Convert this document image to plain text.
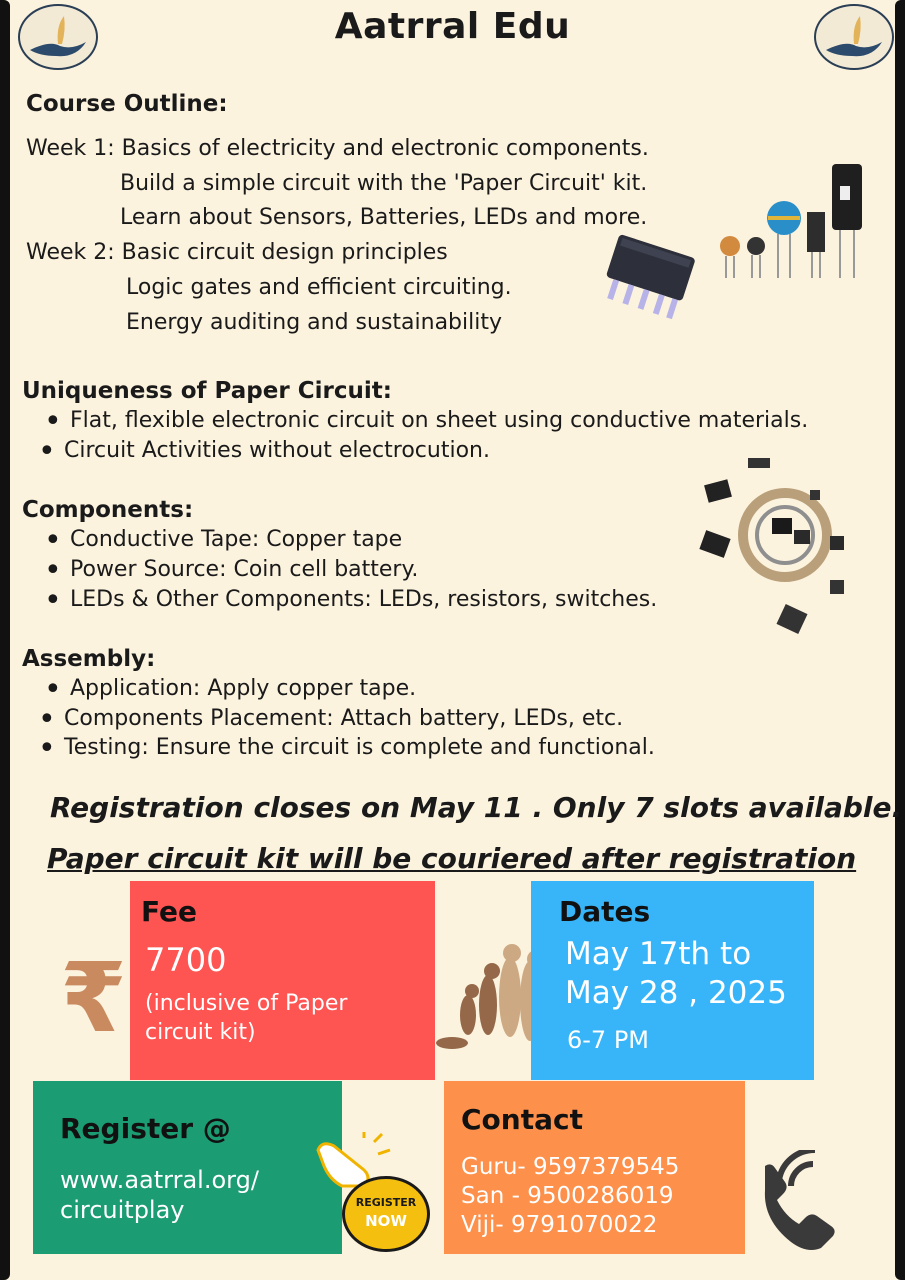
Aatrral Edu
Course Outline:
Week 1: Basics of electricity and electronic components.
Build a simple circuit with the 'Paper Circuit' kit.
Learn about Sensors, Batteries, LEDs and more.
Week 2: Basic circuit design principles
Logic gates and efficient circuiting.
Energy auditing and sustainability
Uniqueness of Paper Circuit:
• Flat, flexible electronic circuit on sheet using conductive materials.
• Circuit Activities without electrocution.
Components:
• Conductive Tape: Copper tape
• Power Source: Coin cell battery.
• LEDs & Other Components: LEDs, resistors, switches.
Assembly:
• Application: Apply copper tape.
• Components Placement: Attach battery, LEDs, etc.
• Testing: Ensure the circuit is complete and functional.
Registration closes on May 11 . Only 7 slots available.
Paper circuit kit will be couriered after registration
₹
Fee
7700
(inclusive of Paper
circuit kit)
Dates
May 17th to
May 28 , 2025
6-7 PM
Register @
www.aatrral.org/
circuitplay	REGISTER
NOW
Contact
Guru- 9597379545
San - 9500286019
Viji- 9791070022
